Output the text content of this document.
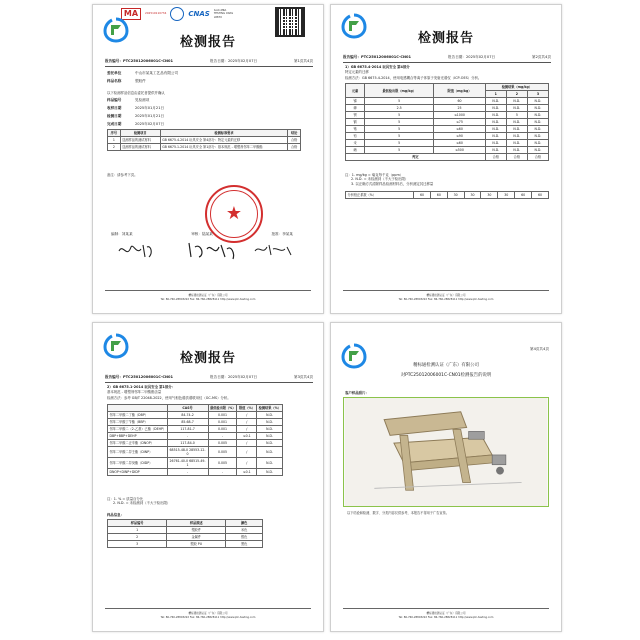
MA	202519110734	CNAS ILAC-MRA TESTING CNAS L8870
检测报告
报告编号：PTC25012006001C-CN01	报告日期：2025年02月07日	第1页共4页
委托单位	中山市某某工艺品有限公司
样品名称	塑胶件
以下检测样品信息由委托者提供并确认
样品编号	见检测项
收样日期	2025年01月21日
检测日期	2025年01月21日
完成日期	2025年02月07日
序号	检测项目	检测标准要求	结论
1	送测样品的测试材料	GB 6675.4-2014 玩具安全 第4部分：特定元素的迁移	合格
2	送测样品的测试材料	GB 6675.1-2014 玩具安全 第1部分：基本规范 - 增塑剂邻苯二甲酸酯	合格
备注：请参考下页。
★
编制：刘某某	审核：陆某某	批准：李某某
精标通检测认证（广东）有限公司
Tel: 86-760-28803222 Fax: 86-760-28828111 http://www.ptc-testing.com
检测报告
报告编号：PTC25012006001C-CN01	报告日期：2025年02月07日	第2页共4页
1）GB 6675.4-2014 玩具安全 第4部分
特定元素的迁移
检测方法：GB 6675.4-2014，使用电感耦合等离子体原子发射光谱仪（ICP-OES）分析。
元素	最低检出限（mg/kg）	限值（mg/kg）	检测结果（mg/kg）		
			1	2	3
锑	5	60	N.D.	N.D.	N.D.
砷	2.5	25	N.D.	N.D.	N.D.
钡	5	≤1000	N.D.	5	N.D.
镉	5	≤75	N.D.	N.D.	N.D.
铬	5	≤60	N.D.	N.D.	N.D.
铅	5	≤90	N.D.	N.D.	N.D.
汞	5	≤60	N.D.	N.D.	N.D.
硒	5	≤500	N.D.	N.D.	N.D.
判定			合格	合格	合格
注：1. mg/kg = 毫克每千克（ppm）
2. N.D. = 未检测到（不大于检出限）
3. 以正确方式清除样品检测材料后，分析测定其迁移量
分析校正系数（%）	60	60	30	30	30	30	60	60
精标通检测认证（广东）有限公司
Tel: 86-760-28803222 Fax: 86-760-28828111 http://www.ptc-testing.com
检测报告
报告编号：PTC25012006001C-CN01	报告日期：2025年02月07日	第3页共4页
2）GB 6675.1-2014 玩具安全 第1部分：
基本规范 - 增塑剂邻苯二甲酸酯含量
检测方法：参考 GB/T 22048-2022，使用气相色谱质谱联用仪（GC-MS）分析。
	CAS号	最低检出限（%）	限值（%）	检测结果（%）
邻苯二甲酸二丁酯（DBP）	84-74-2	0.001	/	N.D.
邻苯二甲酸丁苄酯（BBP）	85-68-7	0.001	/	N.D.
邻苯二甲酸二（2-乙基）己酯（DEHP）	117-81-7	0.001	/	N.D.
DBP+BBP+DEHP	-	-	≤0.1	N.D.
邻苯二甲酸二正辛酯（DNOP）	117-84-0	0.005	/	N.D.
邻苯二甲酸二异壬酯（DINP）	68515-48-0 28553-12-0	0.005	/	N.D.
邻苯二甲酸二异癸酯（DIDP）	26761-40-0 68515-49-1	0.005	/	N.D.
DNOP+DINP+DIDP	-	-	≤0.1	N.D.
注：1. % = 质量百分比
2. N.D. = 未检测到（不大于检出限）
样品信息：
样品编号	样品描述	颜色
1	塑胶件	米色
2	金属件	银色
3	塑胶 PU	黑色
精标通检测认证（广东）有限公司
Tel: 86-760-28803222 Fax: 86-760-28828111 http://www.ptc-testing.com
第4页共4页
精标通检测认证（广东）有限公司
对PTC25012006001C-CN01检测报告的说明
客户样品照片：
以下结论和检测、数字、分类内容仅供参考，本报告不得用于广告宣传。
精标通检测认证（广东）有限公司
Tel: 86-760-28803222 Fax: 86-760-28828111 http://www.ptc-testing.com
